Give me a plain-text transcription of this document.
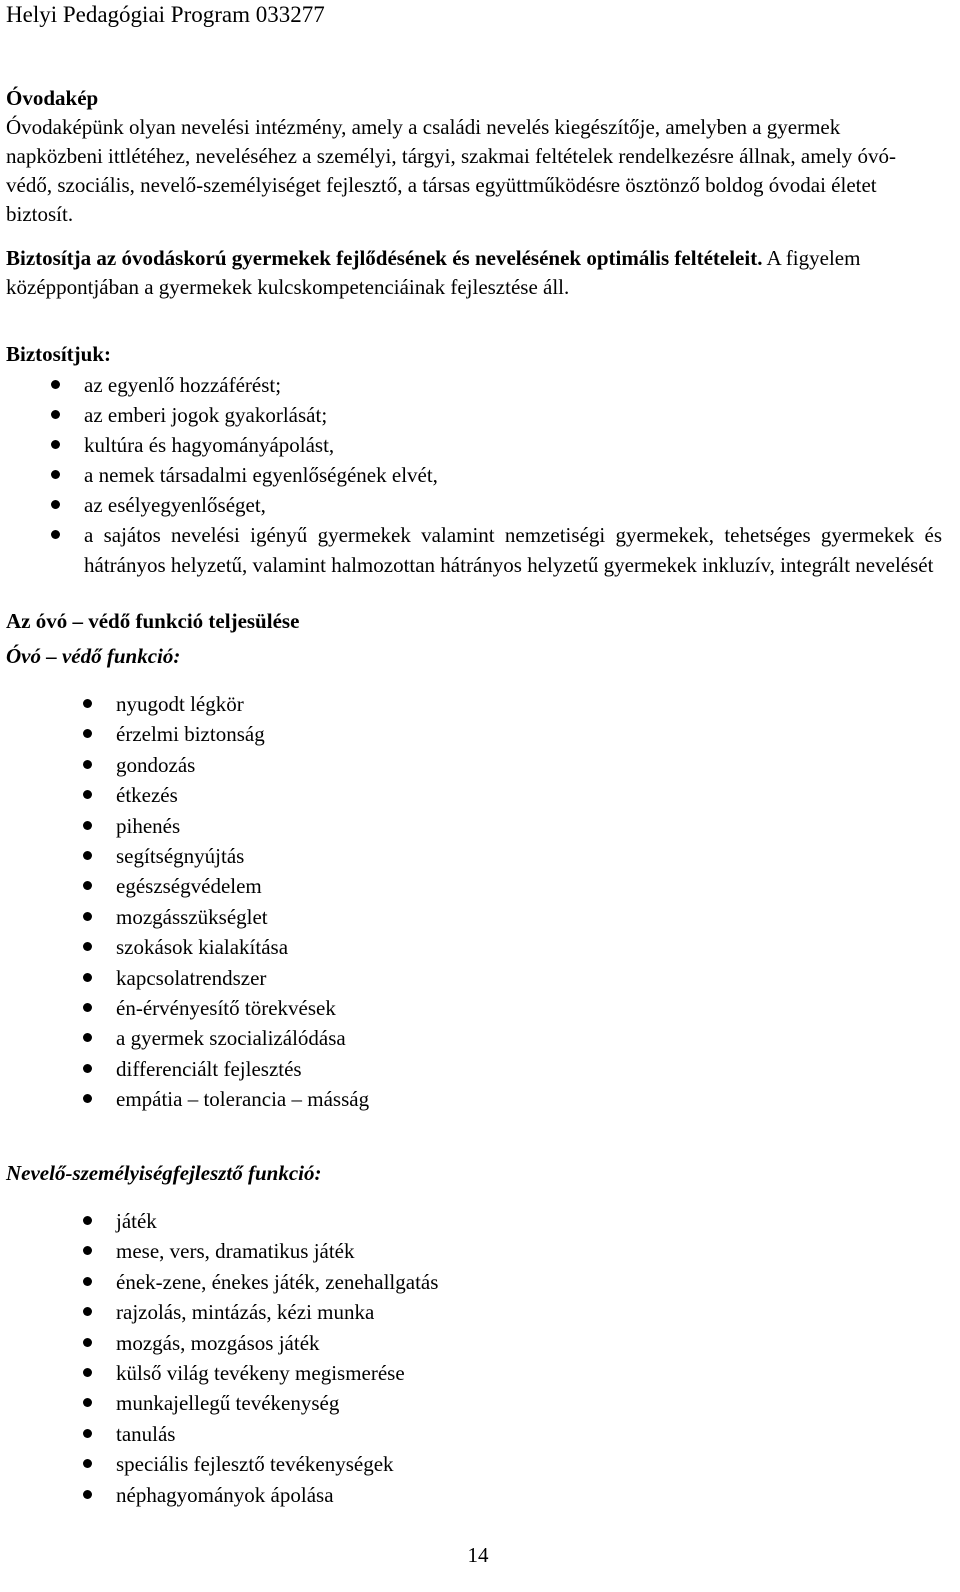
Helyi Pedagógiai Program 033277
Óvodakép

Óvodaképünk olyan nevelési intézmény, amely a családi nevelés kiegészítője, amelyben a gyermek napközbeni ittlétéhez, neveléséhez a személyi, tárgyi, szakmai feltételek rendelkezésre állnak, amely óvó-védő, szociális, nevelő-személyiséget fejlesztő, a társas együttműködésre ösztönző boldog óvodai életet biztosít.

Biztosítja az óvodáskorú gyermekek fejlődésének és nevelésének optimális feltételeit. A figyelem középpontjában a gyermekek kulcskompetenciáinak fejlesztése áll.

Biztosítjuk:
az egyenlő hozzáférést;
az emberi jogok gyakorlását;
kultúra és hagyományápolást,
a nemek társadalmi egyenlőségének elvét,
az esélyegyenlőséget,
a sajátos nevelési igényű gyermekek valamint nemzetiségi gyermekek, tehetséges gyermekek és hátrányos helyzetű, valamint halmozottan hátrányos helyzetű gyermekek inkluzív, integrált nevelését
Az óvó – védő funkció teljesülése
Óvó – védő funkció:
nyugodt légkör
érzelmi biztonság
gondozás
étkezés
pihenés
segítségnyújtás
egészségvédelem
mozgásszükséglet
szokások kialakítása
kapcsolatrendszer
én-érvényesítő törekvések
a gyermek szocializálódása
differenciált fejlesztés
empátia – tolerancia – másság
Nevelő-személyiségfejlesztő funkció:
játék
mese, vers, dramatikus játék
ének-zene, énekes játék, zenehallgatás
rajzolás, mintázás, kézi munka
mozgás, mozgásos játék
külső világ tevékeny megismerése
munkajellegű tevékenység
tanulás
speciális fejlesztő tevékenységek
néphagyományok ápolása
14
